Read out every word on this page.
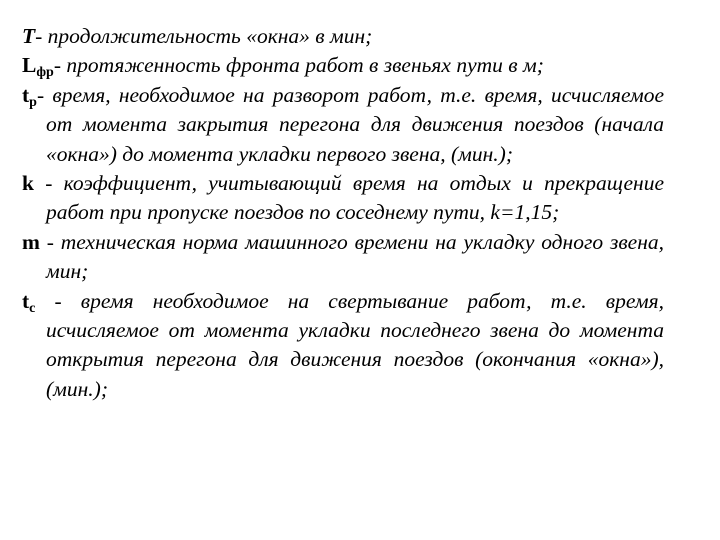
T- продолжительность «окна» в мин;
$L_{фр}-$ протяженность фронта работ в звеньях пути в м;
$t_р-$ время, необходимое на разворот работ, т.е. время, исчисляемое от момента закрытия перегона для движения поездов (начала «окна») до момента укладки первого звена, (мин.);
k - коэффициент, учитывающий время на отдых и прекращение работ при пропуске поездов по соседнему пути, k=1,15;
m - техническая норма машинного времени на укладку одного звена, мин;
$t_с$ - время необходимое на свертывание работ, т.е. время, исчисляемое от момента укладки последнего звена до момента открытия перегона для движения поездов (окончания «окна»), (мин.);
